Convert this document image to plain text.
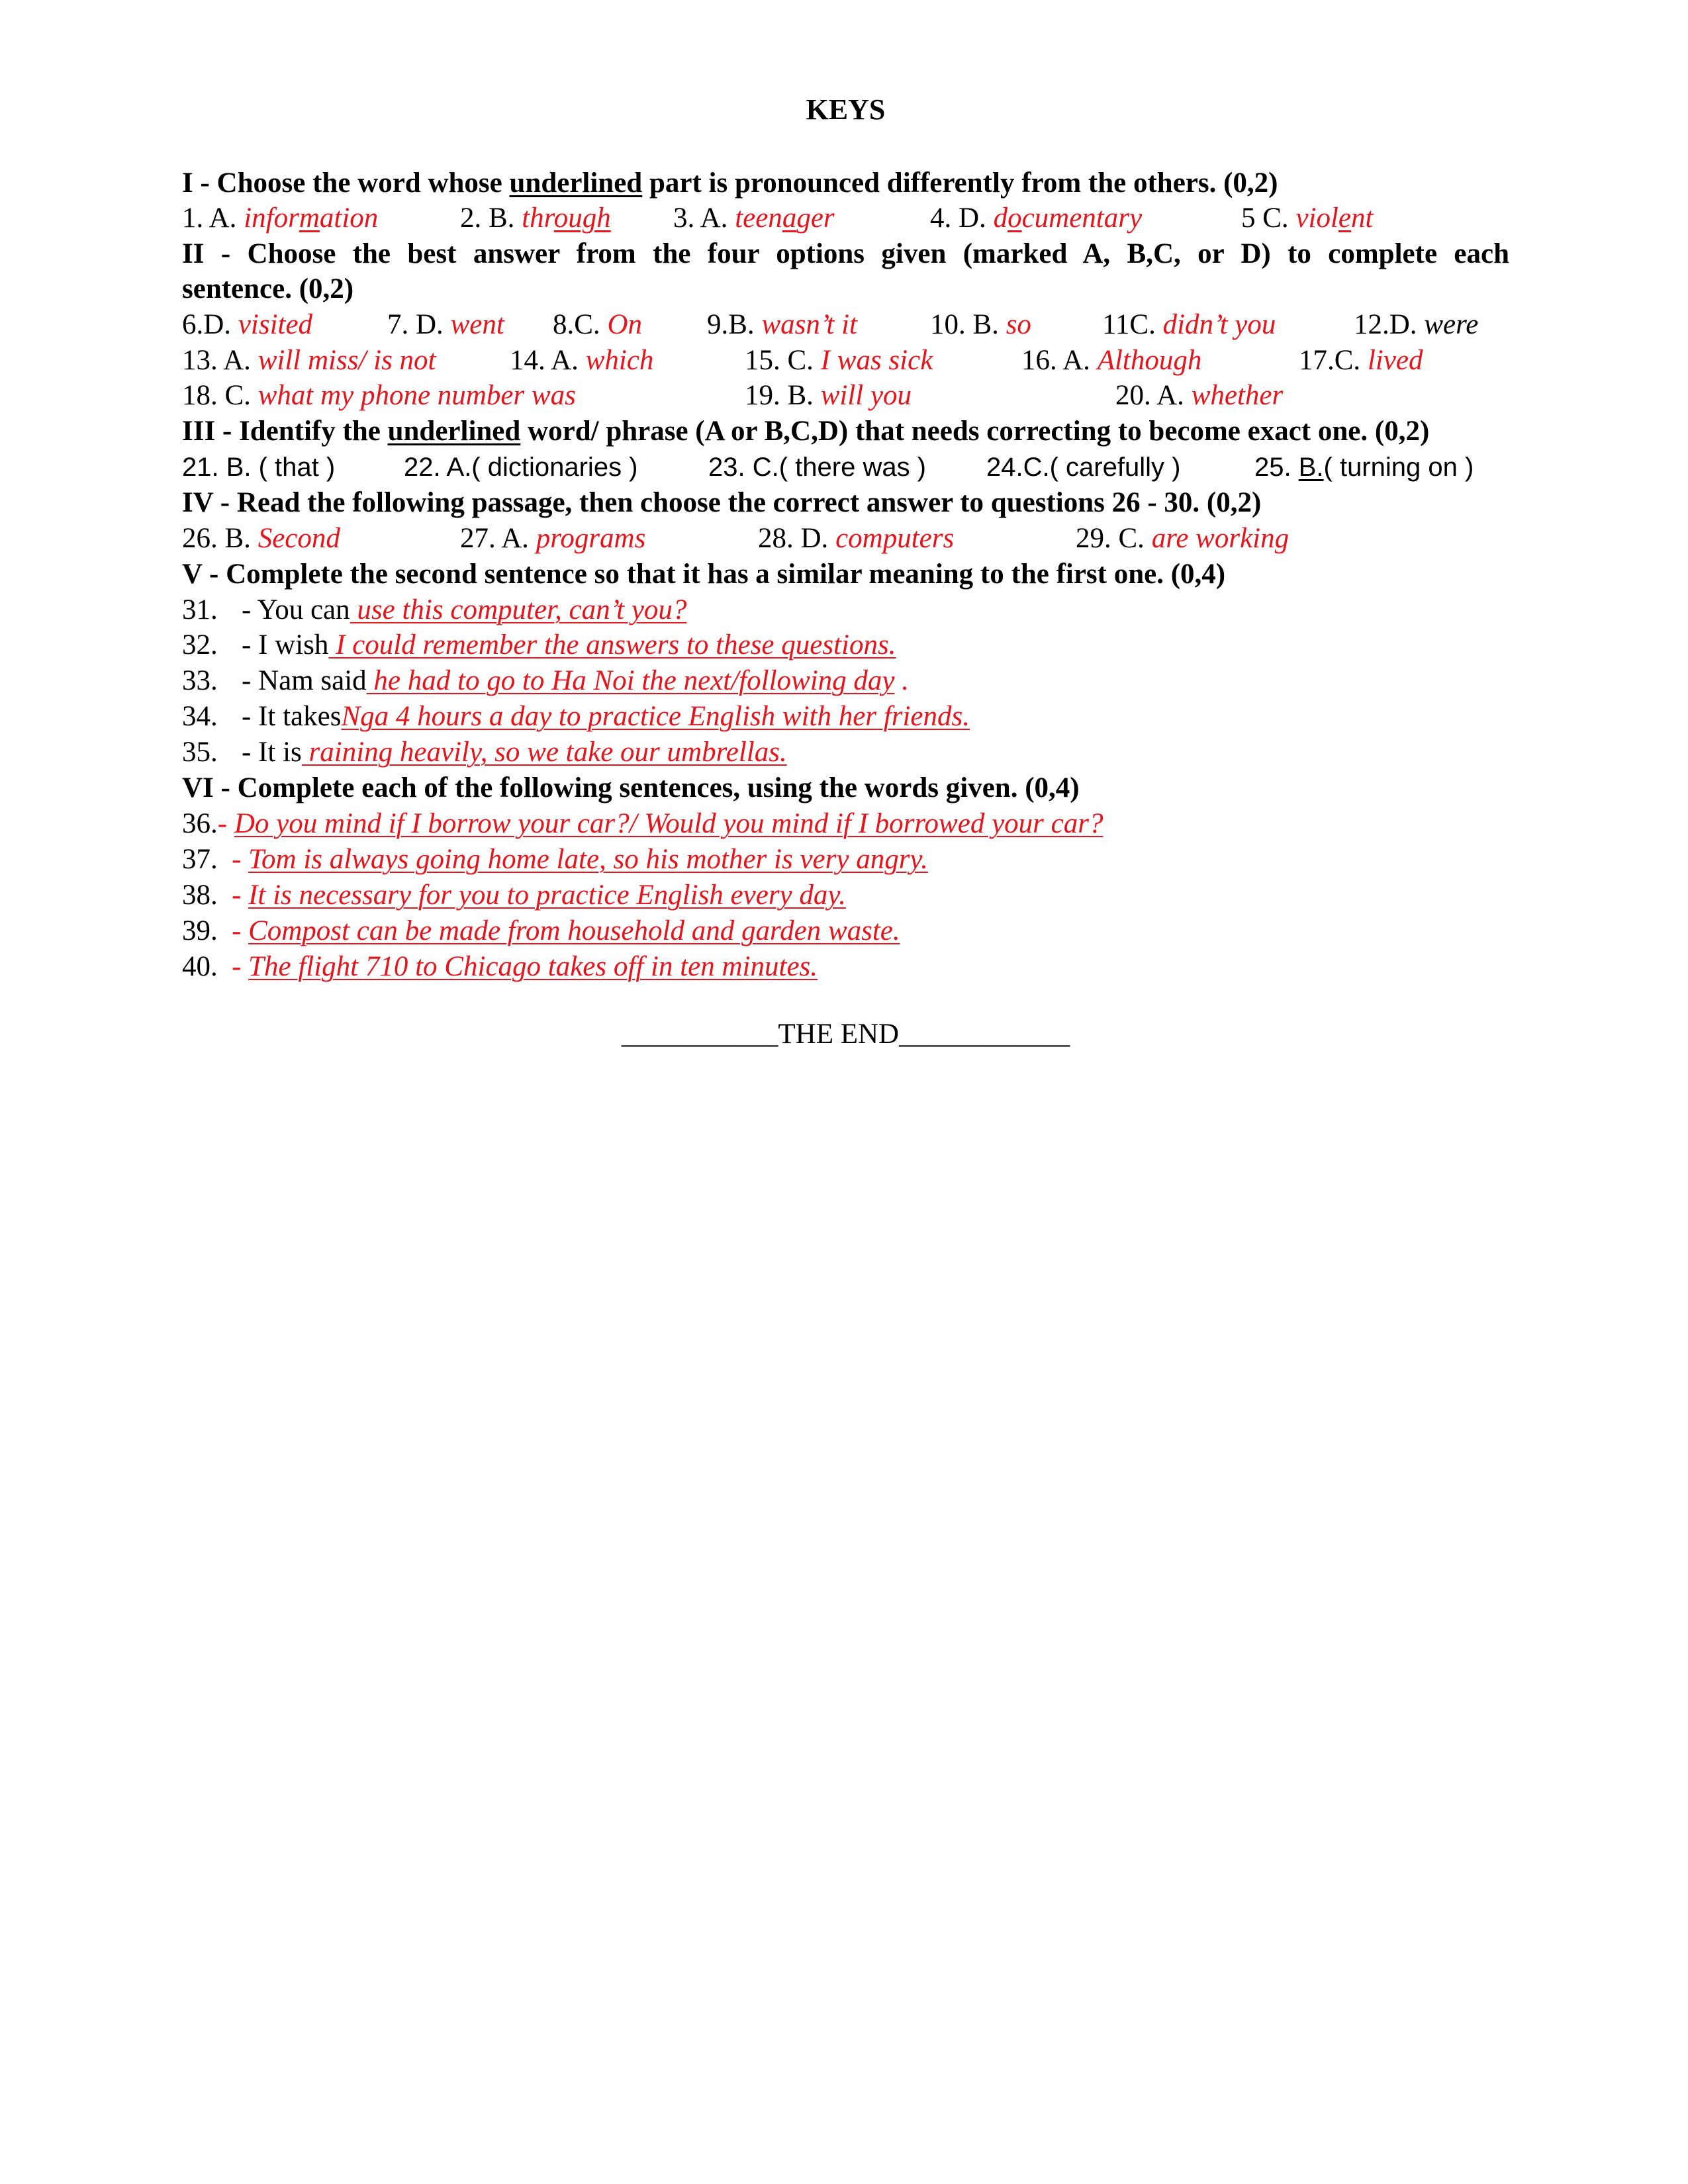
KEYS
I - Choose the word whose underlined part is pronounced differently from the others. (0,2)
1. A. information	2. B. through 3. A. teenager	4. D. documentary	5 C. violent
II - Choose the best answer from the four options given (marked A, B,C, or D) to complete each
sentence. (0,2)
6.D. visited	7. D. went 8.C. On 9.B. wasn’t it	10. B. so 11C. didn’t you	12.D. were
13. A. will miss/ is not	14. A. which	15. C. I was sick	16. A. Although	17.C. lived
18. C. what my phone number was	19. B. will you	20. A. whether
III - Identify the underlined word/ phrase (A or B,C,D) that needs correcting to become exact one. (0,2)
21. B. ( that )	22. A.( dictionaries )	23. C.( there was ) 24.C.( carefully )	25. B.( turning on )
IV - Read the following passage, then choose the correct answer to questions 26 - 30. (0,2)
26. B. Second	27. A. programs	28. D. computers	29. C. are working
V - Complete the second sentence so that it has a similar meaning to the first one. (0,4)
31. - You can use this computer, can’t you?
32. - I wish I could remember the answers to these questions.
33. - Nam said he had to go to Ha Noi the next/following day .
34. - It takesNga 4 hours a day to practice English with her friends.
35. - It is raining heavily, so we take our umbrellas.
VI - Complete each of the following sentences, using the words given. (0,4)
36.- Do you mind if I borrow your car?/ Would you mind if I borrowed your car?
37. - Tom is always going home late, so his mother is very angry.
38. - It is necessary for you to practice English every day.
39. - Compost can be made from household and garden waste.
40. - The flight 710 to Chicago takes off in ten minutes.
___________THE END____________
